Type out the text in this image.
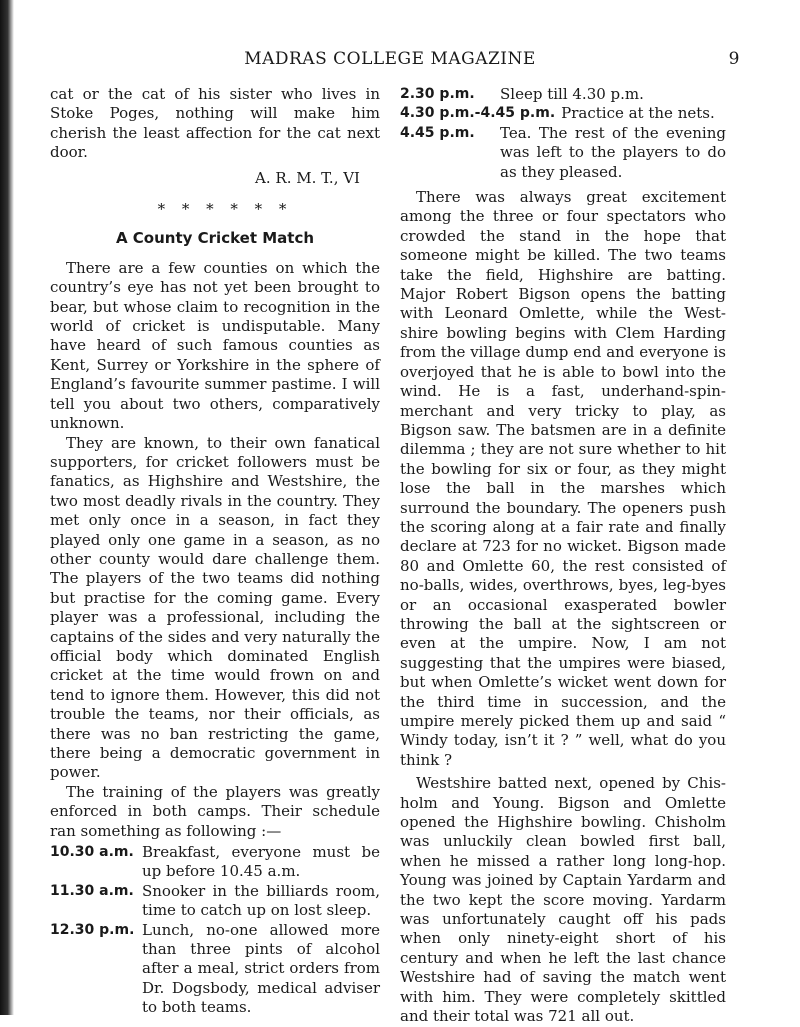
MADRAS COLLEGE MAGAZINE	9

cat or the cat of his sister who lives in Stoke Poges, nothing will make him cherish the least affection for the cat next door.

A. R. M. T., VI
* * * * * *
A County Cricket Match

There are a few counties on which the country’s eye has not yet been brought to bear, but whose claim to recognition in the world of cricket is undisputable. Many have heard of such famous counties as Kent, Surrey or Yorkshire in the sphere of England’s favourite summer pastime. I will tell you about two others, comparatively unknown.

They are known, to their own fanatical supporters, for cricket followers must be fanatics, as Highshire and Westshire, the two most deadly rivals in the country. They met only once in a season, in fact they played only one game in a season, as no other county would dare challenge them. The players of the two teams did nothing but practise for the coming game. Every player was a professional, including the captains of the sides and very naturally the official body which dominated English cricket at the time would frown on and tend to ignore them. However, this did not trouble the teams, nor their officials, as there was no ban restricting the game, there being a democratic government in power.

The training of the players was greatly enforced in both camps. Their schedule ran something as following :—

10.30 a.m. Breakfast, everyone must be up before 10.45 a.m.
11.30 a.m. Snooker in the billiards room, time to catch up on lost sleep.
12.30 p.m. Lunch, no-one allowed more than three pints of alcohol after a meal, strict orders from Dr. Dogsbody, medical adviser to both teams.
2.30 p.m.	Sleep till 4.30 p.m.
4.30 p.m.-4.45 p.m. Practice at the nets.
4.45 p.m.	Tea. The rest of the evening was left to the players to do as they pleased.

There was always great excitement among the three or four spectators who crowded the stand in the hope that someone might be killed. The two teams take the field, Highshire are batting. Major Robert Bigson opens the batting with Leonard Omlette, while the Westshire bowling begins with Clem Harding from the village dump end and everyone is overjoyed that he is able to bowl into the wind. He is a fast, underhand-spinmerchant and very tricky to play, as Bigson saw. The batsmen are in a definite dilemma ; they are not sure whether to hit the bowling for six or four, as they might lose the ball in the marshes which surround the boundary. The openers push the scoring along at a fair rate and finally declare at 723 for no wicket. Bigson made 80 and Omlette 60, the rest consisted of no-balls, wides, overthrows, byes, leg-byes or an occasional exasperated bowler throwing the ball at the sightscreen or even at the umpire. Now, I am not suggesting that the umpires were biased, but when Omlette’s wicket went down for the third time in succession, and the umpire merely picked them up and said “ Windy today, isn’t it ? ” well, what do you think ?

Westshire batted next, opened by Chisholm and Young. Bigson and Omlette opened the Highshire bowling. Chisholm was unluckily clean bowled first ball, when he missed a rather long long-hop. Young was joined by Captain Yardarm and the two kept the score moving. Yardarm was unfortunately caught off his pads when only ninety-eight short of his century and when he left the last chance Westshire had of saving the match went with him. They were completely skittled and their total was 721 all out.
